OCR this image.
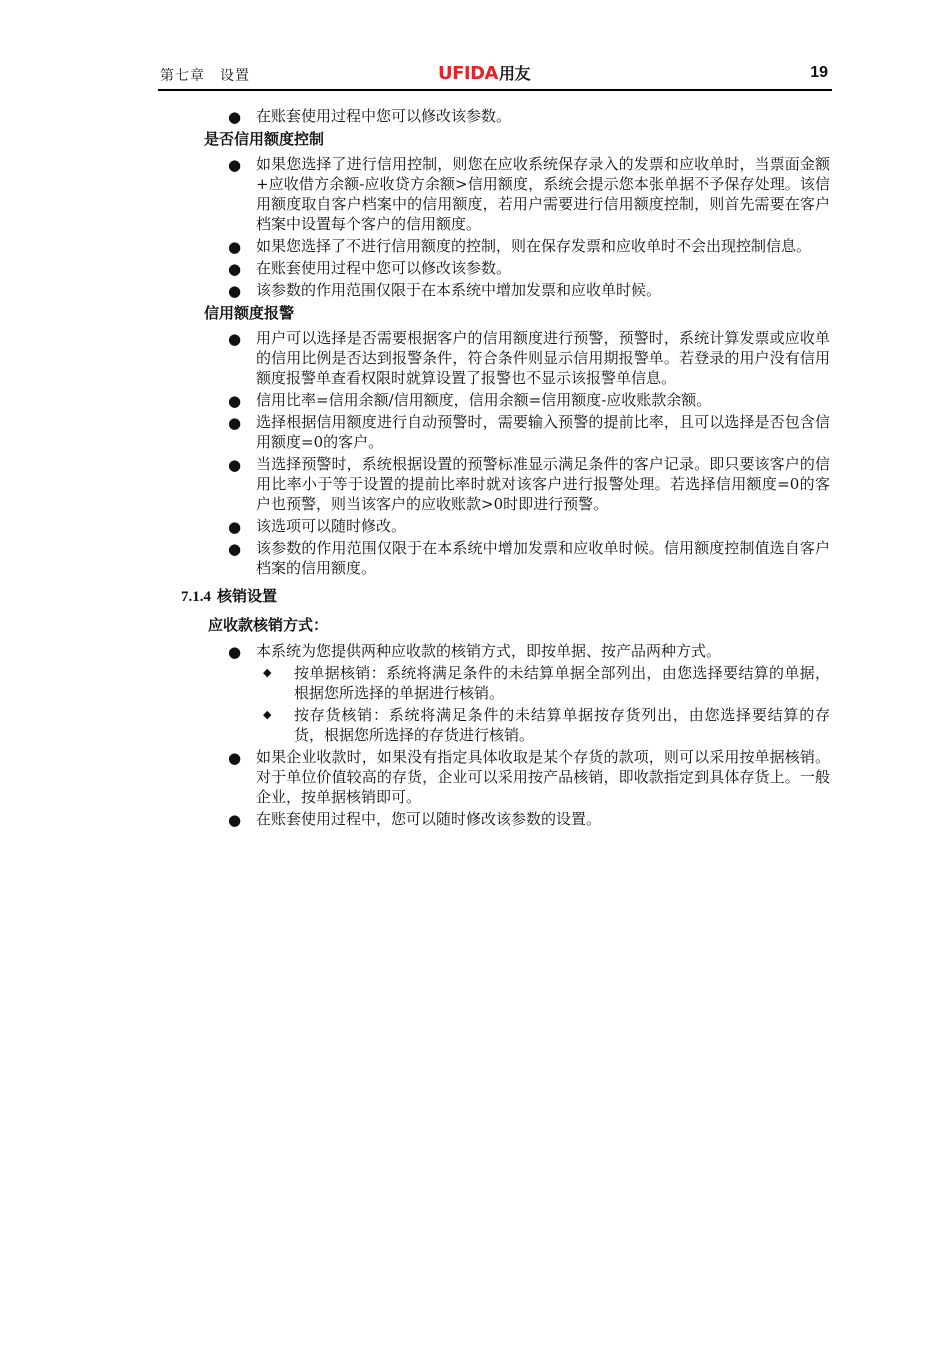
第七章　设置	UFIDA用友	19
● 在账套使用过程中您可以修改该参数。
是否信用额度控制
● 如果您选择了进行信用控制，则您在应收系统保存录入的发票和应收单时，当票面金额+应收借方余额-应收贷方余额>信用额度，系统会提示您本张单据不予保存处理。该信用额度取自客户档案中的信用额度，若用户需要进行信用额度控制，则首先需要在客户档案中设置每个客户的信用额度。
● 如果您选择了不进行信用额度的控制，则在保存发票和应收单时不会出现控制信息。
● 在账套使用过程中您可以修改该参数。
● 该参数的作用范围仅限于在本系统中增加发票和应收单时候。
信用额度报警
● 用户可以选择是否需要根据客户的信用额度进行预警，预警时，系统计算发票或应收单的信用比例是否达到报警条件，符合条件则显示信用期报警单。若登录的用户没有信用额度报警单查看权限时就算设置了报警也不显示该报警单信息。
● 信用比率=信用余额/信用额度，信用余额=信用额度-应收账款余额。
● 选择根据信用额度进行自动预警时，需要输入预警的提前比率，且可以选择是否包含信用额度=0的客户。
● 当选择预警时，系统根据设置的预警标准显示满足条件的客户记录。即只要该客户的信用比率小于等于设置的提前比率时就对该客户进行报警处理。若选择信用额度=0的客户也预警，则当该客户的应收账款>0时即进行预警。
● 该选项可以随时修改。
● 该参数的作用范围仅限于在本系统中增加发票和应收单时候。信用额度控制值选自客户档案的信用额度。
7.1.4 核销设置
应收款核销方式：
● 本系统为您提供两种应收款的核销方式，即按单据、按产品两种方式。
◆ 按单据核销：系统将满足条件的未结算单据全部列出，由您选择要结算的单据，根据您所选择的单据进行核销。
◆ 按存货核销：系统将满足条件的未结算单据按存货列出，由您选择要结算的存货，根据您所选择的存货进行核销。
● 如果企业收款时，如果没有指定具体收取是某个存货的款项，则可以采用按单据核销。对于单位价值较高的存货，企业可以采用按产品核销，即收款指定到具体存货上。一般企业，按单据核销即可。
● 在账套使用过程中，您可以随时修改该参数的设置。
